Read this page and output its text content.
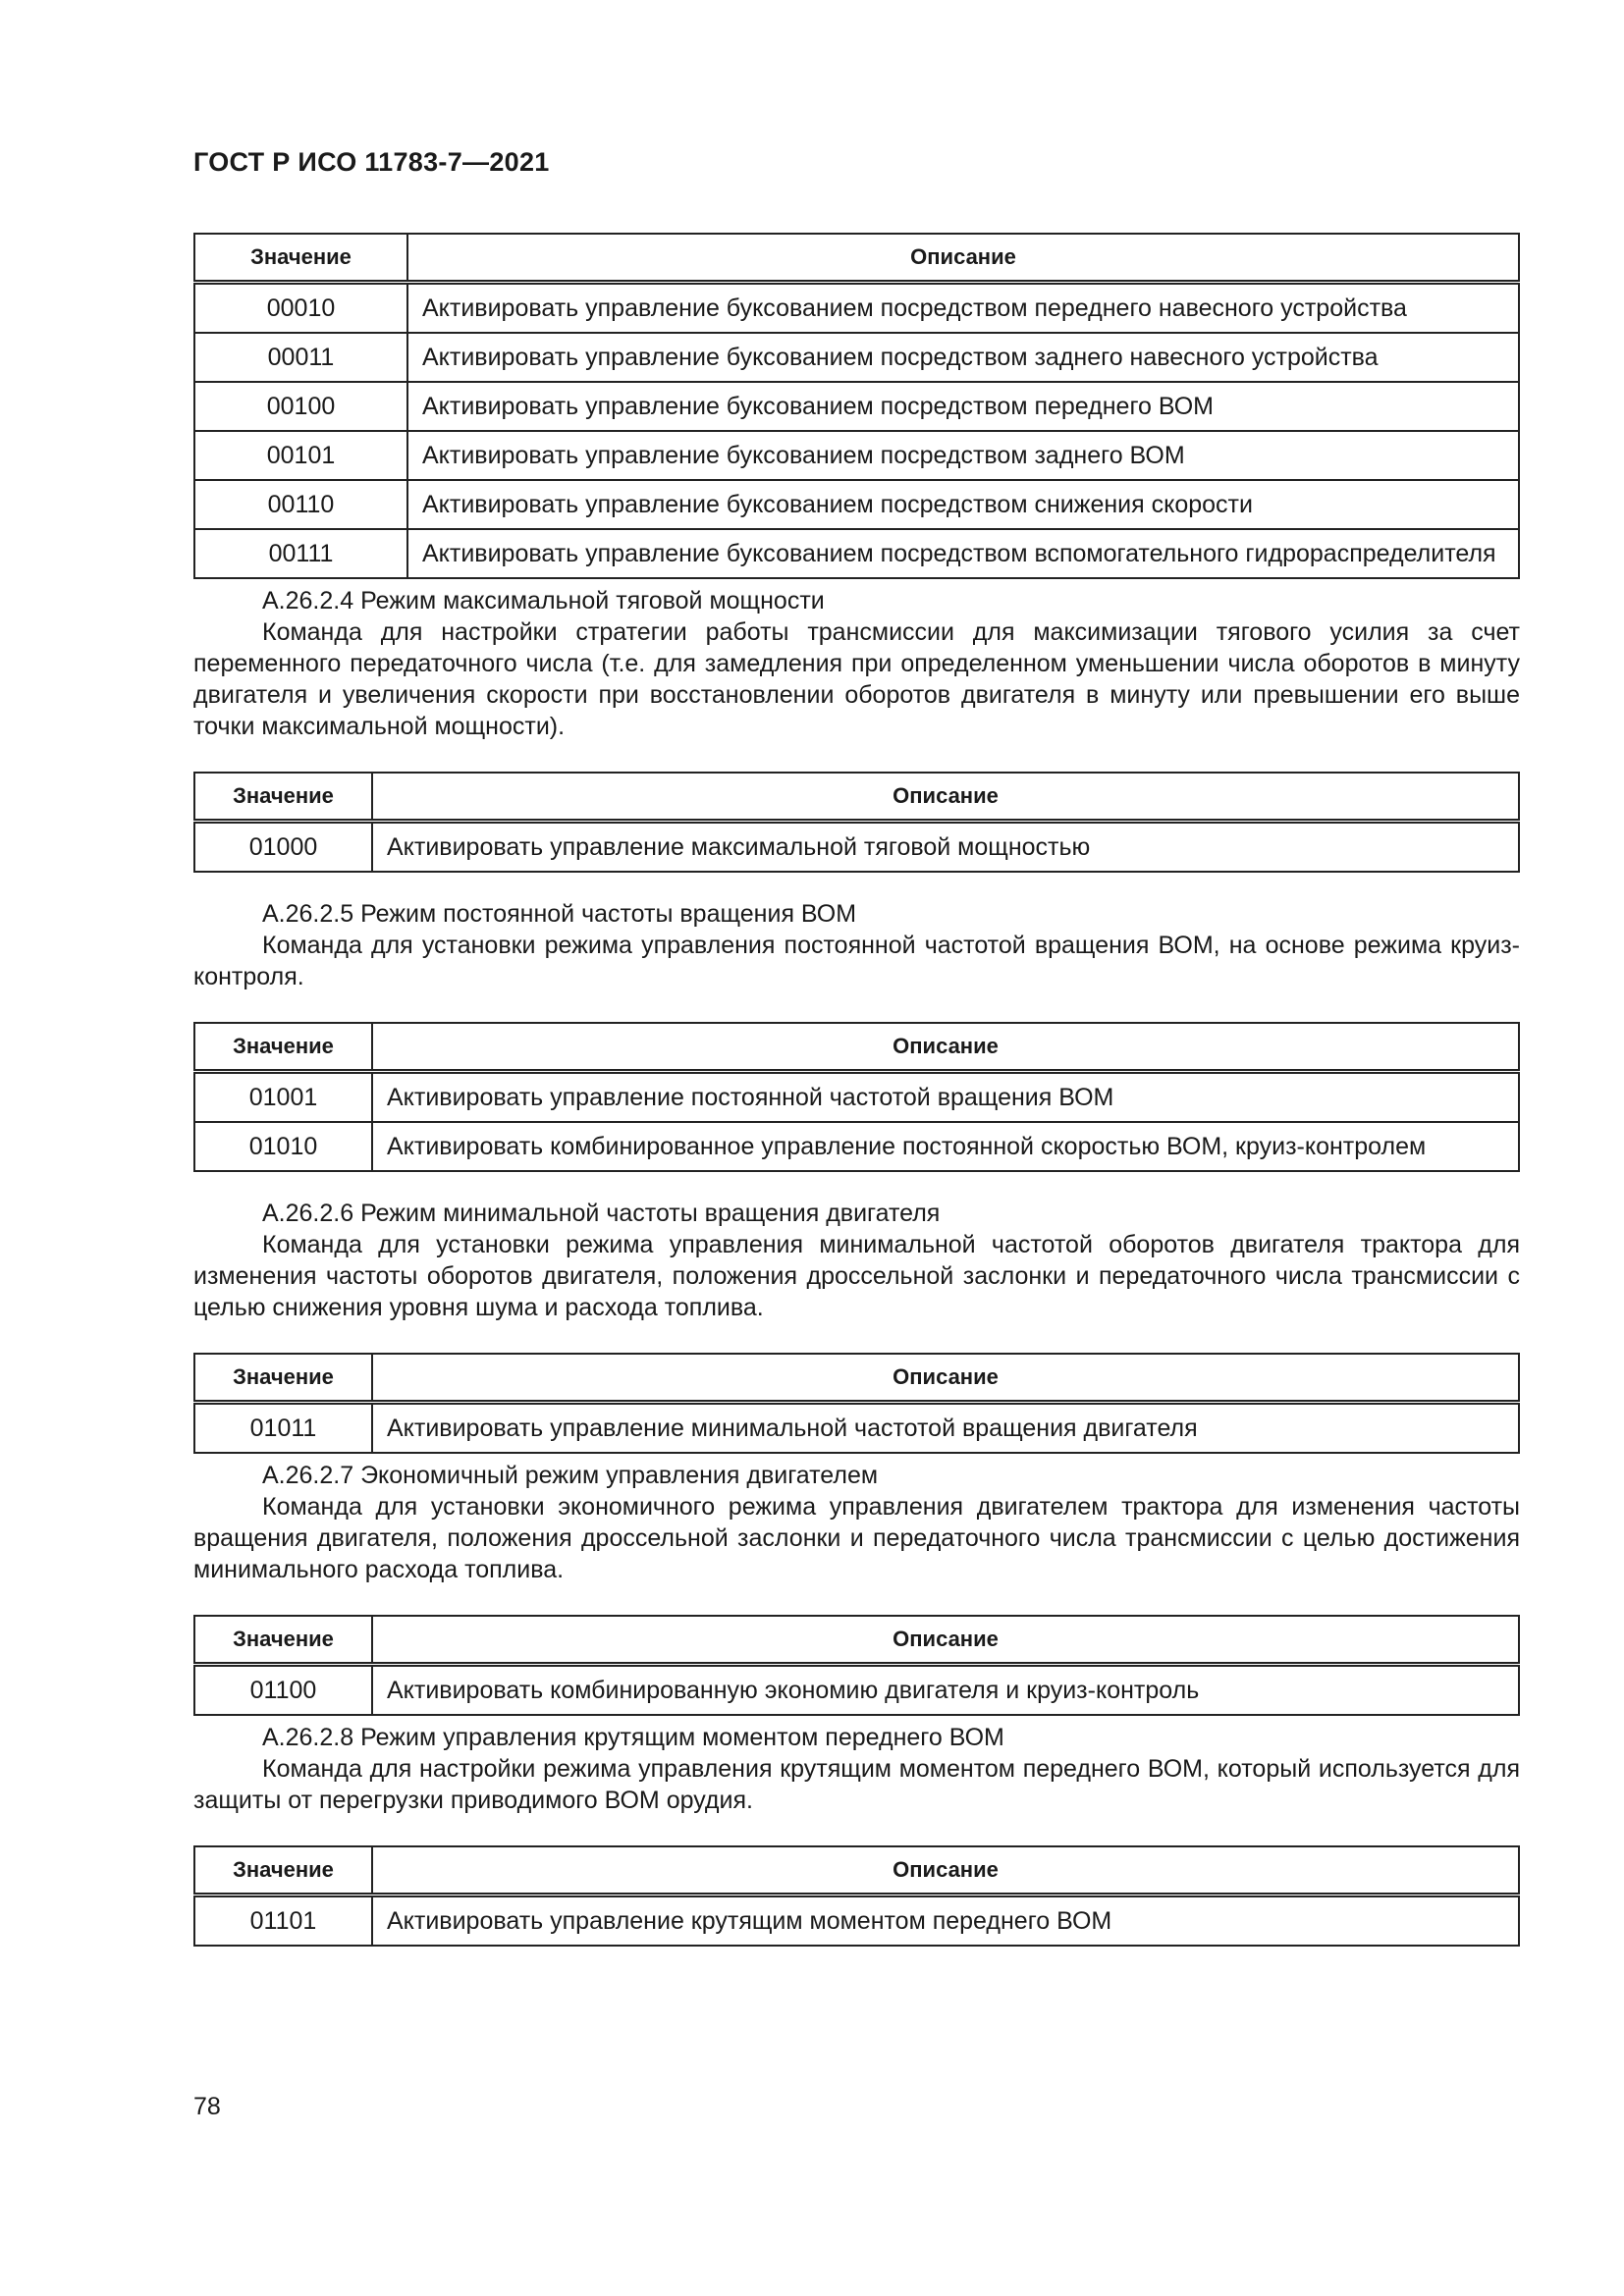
ГОСТ Р ИСО 11783-7—2021
Значение	Описание
00010	Активировать управление буксованием посредством переднего навесного устройства
00011	Активировать управление буксованием посредством заднего навесного устройства
00100	Активировать управление буксованием посредством переднего ВОМ
00101	Активировать управление буксованием посредством заднего ВОМ
00110	Активировать управление буксованием посредством снижения скорости
00111	Активировать управление буксованием посредством вспомогательного гидрораспределителя
А.26.2.4 Режим максимальной тяговой мощности

Команда для настройки стратегии работы трансмиссии для максимизации тягового усилия за счет переменного передаточного числа (т.е. для замедления при определенном уменьшении числа оборотов в минуту двигателя и увеличения скорости при восстановлении оборотов двигателя в минуту или превышении его выше точки максимальной мощности).

Значение	Описание
01000	Активировать управление максимальной тяговой мощностью
А.26.2.5 Режим постоянной частоты вращения ВОМ

Команда для установки режима управления постоянной частотой вращения ВОМ, на основе режима круиз-контроля.

Значение	Описание
01001	Активировать управление постоянной частотой вращения ВОМ
01010	Активировать комбинированное управление постоянной скоростью ВОМ, круиз-контролем
А.26.2.6 Режим минимальной частоты вращения двигателя

Команда для установки режима управления минимальной частотой оборотов двигателя трактора для изменения частоты оборотов двигателя, положения дроссельной заслонки и передаточного числа трансмиссии с целью снижения уровня шума и расхода топлива.

Значение	Описание
01011	Активировать управление минимальной частотой вращения двигателя
А.26.2.7 Экономичный режим управления двигателем

Команда для установки экономичного режима управления двигателем трактора для изменения частоты вращения двигателя, положения дроссельной заслонки и передаточного числа трансмиссии с целью достижения минимального расхода топлива.

Значение	Описание
01100	Активировать комбинированную экономию двигателя и круиз-контроль
А.26.2.8 Режим управления крутящим моментом переднего ВОМ

Команда для настройки режима управления крутящим моментом переднего ВОМ, который используется для защиты от перегрузки приводимого ВОМ орудия.

Значение	Описание
01101	Активировать управление крутящим моментом переднего ВОМ
78
